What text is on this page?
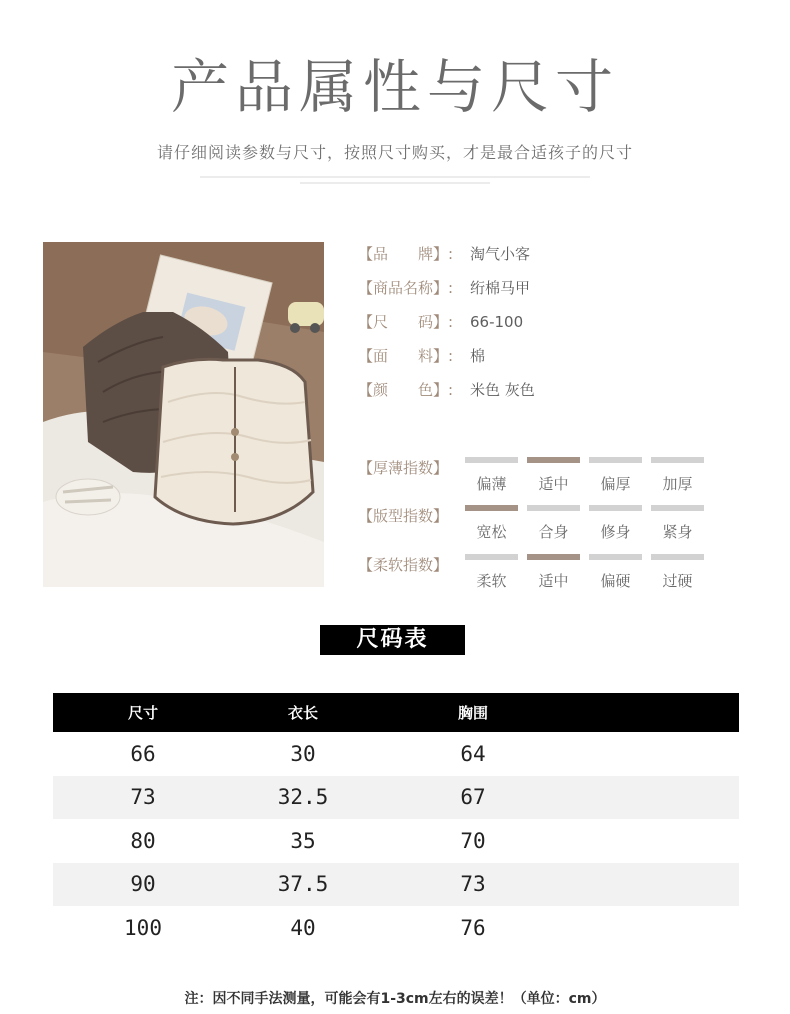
产品属性与尺寸
请仔细阅读参数与尺寸，按照尺寸购买，才是最合适孩子的尺寸
【品　　牌】: 淘气小客
【商品名称】: 绗棉马甲
【尺　　码】: 66-100
【面　　料】: 棉
【颜　　色】: 米色 灰色
【厚薄指数】
偏薄	适中	偏厚	加厚
【版型指数】
宽松	合身	修身	紧身
【柔软指数】
柔软	适中	偏硬	过硬
尺码表
尺寸	衣长	胸围
66	30	64
73	32.5	67
80	35	70
90	37.5	73
100	40	76
注：因不同手法测量，可能会有1-3cm左右的误差！（单位：cm）
